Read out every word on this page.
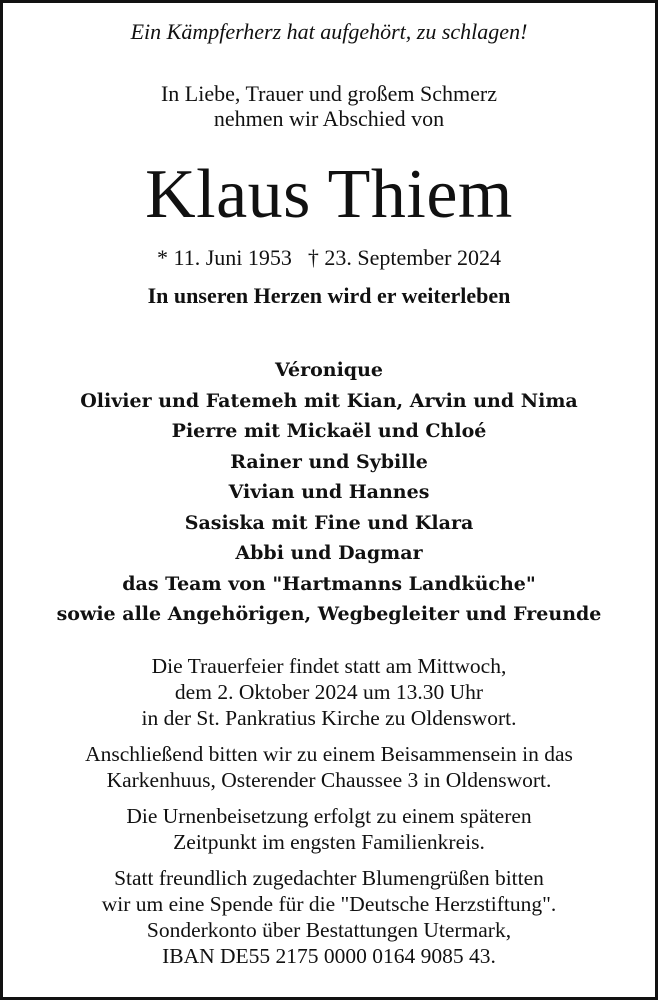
Ein Kämpferherz hat aufgehört, zu schlagen!
In Liebe, Trauer und großem Schmerz
nehmen wir Abschied von
Klaus Thiem
* 11. Juni 1953 † 23. September 2024
In unseren Herzen wird er weiterleben
Véronique
Olivier und Fatemeh mit Kian, Arvin und Nima
Pierre mit Mickaël und Chloé
Rainer und Sybille
Vivian und Hannes
Sasiska mit Fine und Klara
Abbi und Dagmar
das Team von "Hartmanns Landküche"
sowie alle Angehörigen, Wegbegleiter und Freunde
Die Trauerfeier findet statt am Mittwoch,
dem 2. Oktober 2024 um 13.30 Uhr
in der St. Pankratius Kirche zu Oldenswort.
Anschließend bitten wir zu einem Beisammensein in das
Karkenhuus, Osterender Chaussee 3 in Oldenswort.
Die Urnenbeisetzung erfolgt zu einem späteren
Zeitpunkt im engsten Familienkreis.
Statt freundlich zugedachter Blumengrüßen bitten
wir um eine Spende für die "Deutsche Herzstiftung".
Sonderkonto über Bestattungen Utermark,
IBAN DE55 2175 0000 0164 9085 43.
